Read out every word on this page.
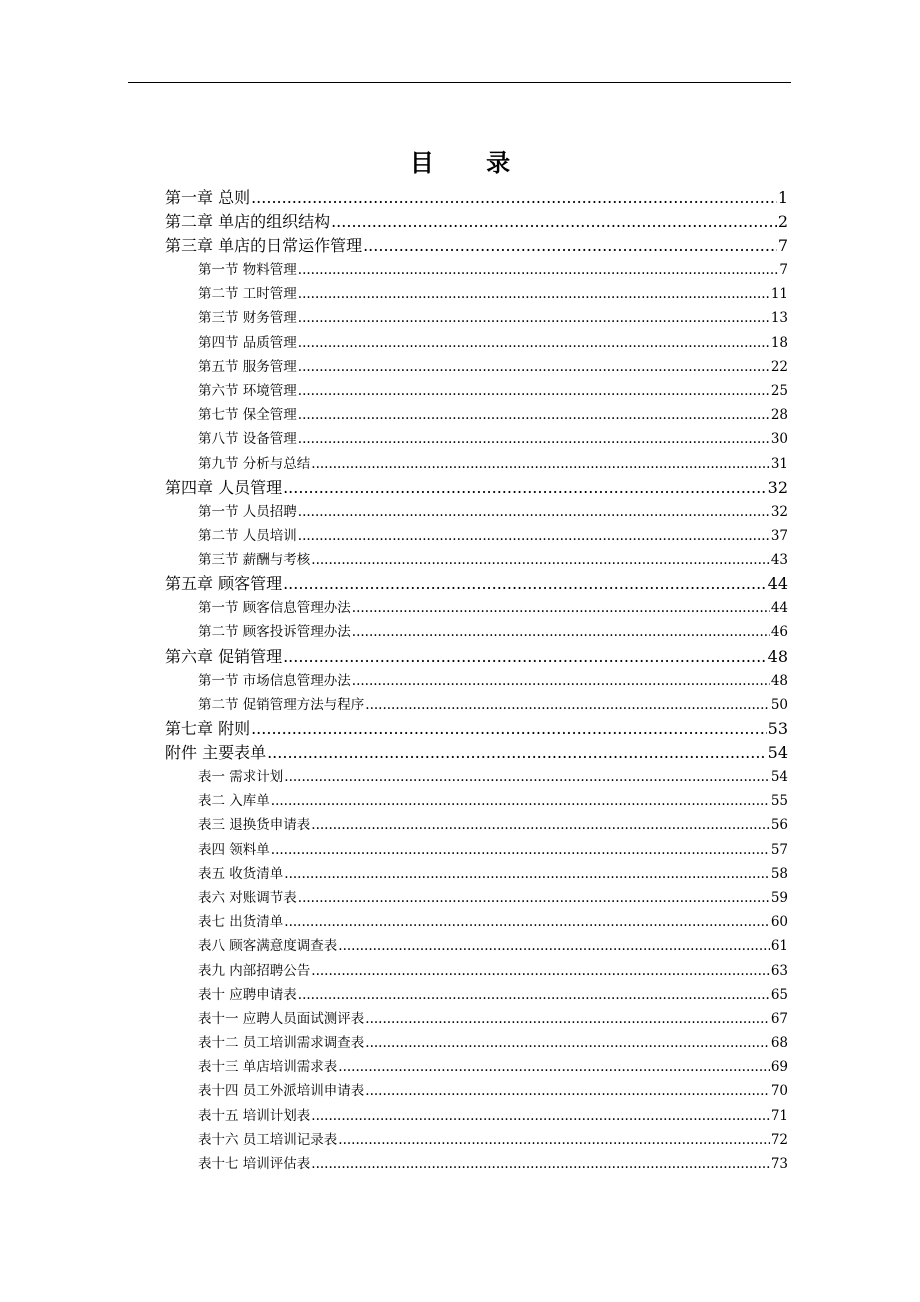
目 录
第一章 总则 .....	1
第二章 单店的组织结构 .....	2
第三章 单店的日常运作管理 .....	7
第一节 物料管理 .....	7
第二节 工时管理 .....	11
第三节 财务管理 .....	13
第四节 品质管理 .....	18
第五节 服务管理 .....	22
第六节 环境管理 .....	25
第七节 保全管理 .....	28
第八节 设备管理 .....	30
第九节 分析与总结 .....	31
第四章 人员管理 .....	32
第一节 人员招聘 .....	32
第二节 人员培训 .....	37
第三节 薪酬与考核 .....	43
第五章 顾客管理 .....	44
第一节 顾客信息管理办法 .....	44
第二节 顾客投诉管理办法 .....	46
第六章 促销管理 .....	48
第一节 市场信息管理办法 .....	48
第二节 促销管理方法与程序 .....	50
第七章 附则 .....	53
附件 主要表单 .....	54
表一 需求计划 .....	54
表二 入库单 .....	55
表三 退换货申请表 .....	56
表四 领料单 .....	57
表五 收货清单 .....	58
表六 对账调节表 .....	59
表七 出货清单 .....	60
表八 顾客满意度调查表 .....	61
表九 内部招聘公告 .....	63
表十 应聘申请表 .....	65
表十一 应聘人员面试测评表 .....	67
表十二 员工培训需求调查表 .....	68
表十三 单店培训需求表 .....	69
表十四 员工外派培训申请表 .....	70
表十五 培训计划表 .....	71
表十六 员工培训记录表 .....	72
表十七 培训评估表 .....	73
